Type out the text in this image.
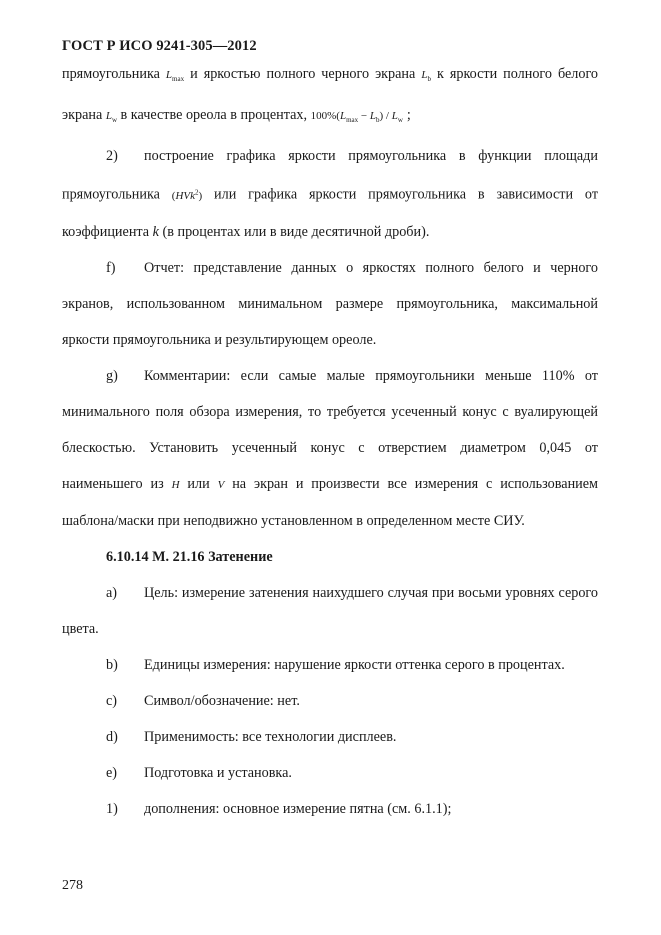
ГОСТ Р ИСО 9241-305—2012

прямоугольника $L_{max}$ и яркостью полного черного экрана $L_b$ к яркости полного белого экрана $L_w$ в качестве ореола в процентах, $100\%(L_{max} - L_b) / L_w$ ;

2) построение графика яркости прямоугольника в функции площади прямоугольника (HVk$^2$) или графика яркости прямоугольника в зависимости от коэффициента k (в процентах или в виде десятичной дроби).

f) Отчет: представление данных о яркостях полного белого и черного экранов, использованном минимальном размере прямоугольника, максимальной яркости прямоугольника и результирующем ореоле.

g) Комментарии: если самые малые прямоугольники меньше 110% от минимального поля обзора измерения, то требуется усеченный конус с вуалирующей блескостью. Установить усеченный конус с отверстием диаметром 0,045 от наименьшего из H или V на экран и произвести все измерения с использованием шаблона/маски при неподвижно установленном в определенном месте СИУ.

6.10.14 М. 21.16 Затенение

a) Цель: измерение затенения наихудшего случая при восьми уровнях серого цвета.

b) Единицы измерения: нарушение яркости оттенка серого в процентах.

c) Символ/обозначение: нет.

d) Применимость: все технологии дисплеев.

e) Подготовка и установка.

1) дополнения: основное измерение пятна (см. 6.1.1);

278
